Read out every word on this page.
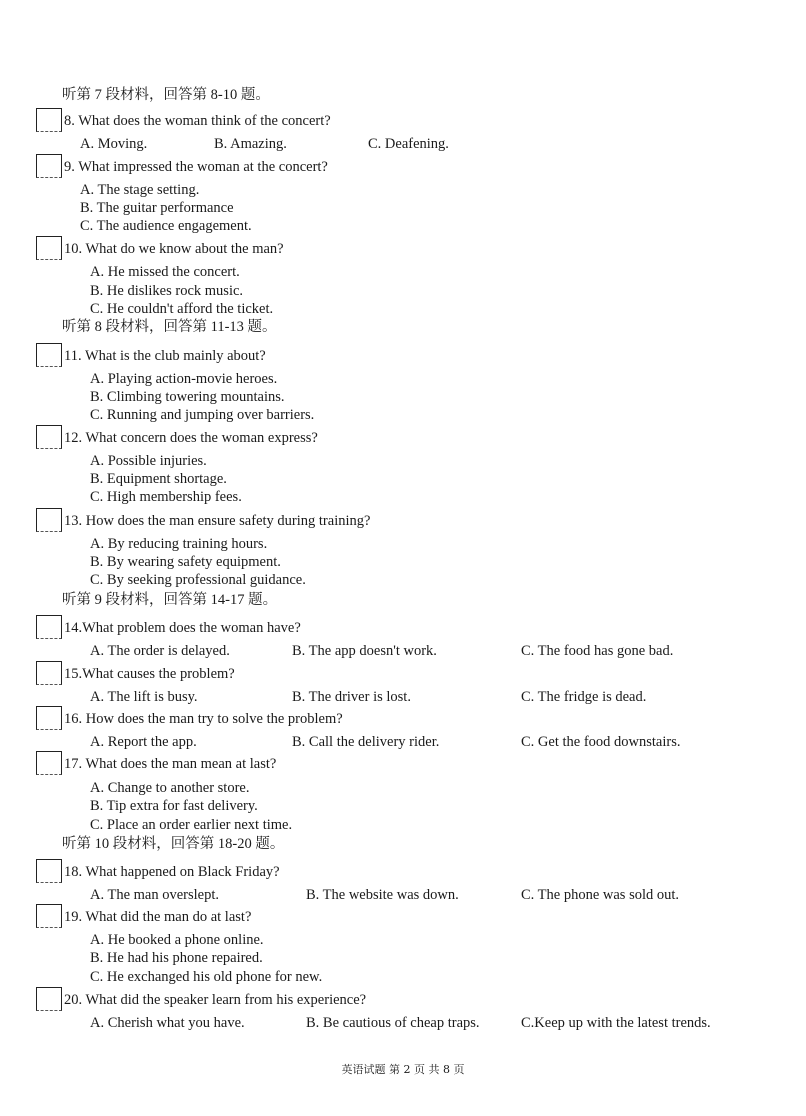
听第 7 段材料，回答第 8-10 题。
8. What does the woman think of the concert?
A. Moving.	B. Amazing.	C. Deafening.
9. What impressed the woman at the concert?
A. The stage setting.
B. The guitar performance
C. The audience engagement.
10. What do we know about the man?
A. He missed the concert.
B. He dislikes rock music.
C. He couldn't afford the ticket.
听第 8 段材料，回答第 11-13 题。
11. What is the club mainly about?
A. Playing action-movie heroes.
B. Climbing towering mountains.
C. Running and jumping over barriers.
12. What concern does the woman express?
A. Possible injuries.
B. Equipment shortage.
C. High membership fees.
13. How does the man ensure safety during training?
A. By reducing training hours.
B. By wearing safety equipment.
C. By seeking professional guidance.
听第 9 段材料，回答第 14-17 题。
14.What problem does the woman have?
A. The order is delayed.	B. The app doesn't work.	C. The food has gone bad.
15.What causes the problem?
A. The lift is busy.	B. The driver is lost.	C. The fridge is dead.
16. How does the man try to solve the problem?
A. Report the app.	B. Call the delivery rider.	C. Get the food downstairs.
17. What does the man mean at last?
A. Change to another store.
B. Tip extra for fast delivery.
C. Place an order earlier next time.
听第 10 段材料，回答第 18-20 题。
18. What happened on Black Friday?
A. The man overslept.	B. The website was down.	C. The phone was sold out.
19. What did the man do at last?
A. He booked a phone online.
B. He had his phone repaired.
C. He exchanged his old phone for new.
20. What did the speaker learn from his experience?
A. Cherish what you have.	B. Be cautious of cheap traps.	C.Keep up with the latest trends.
英语试题 第 2 页 共 8 页
